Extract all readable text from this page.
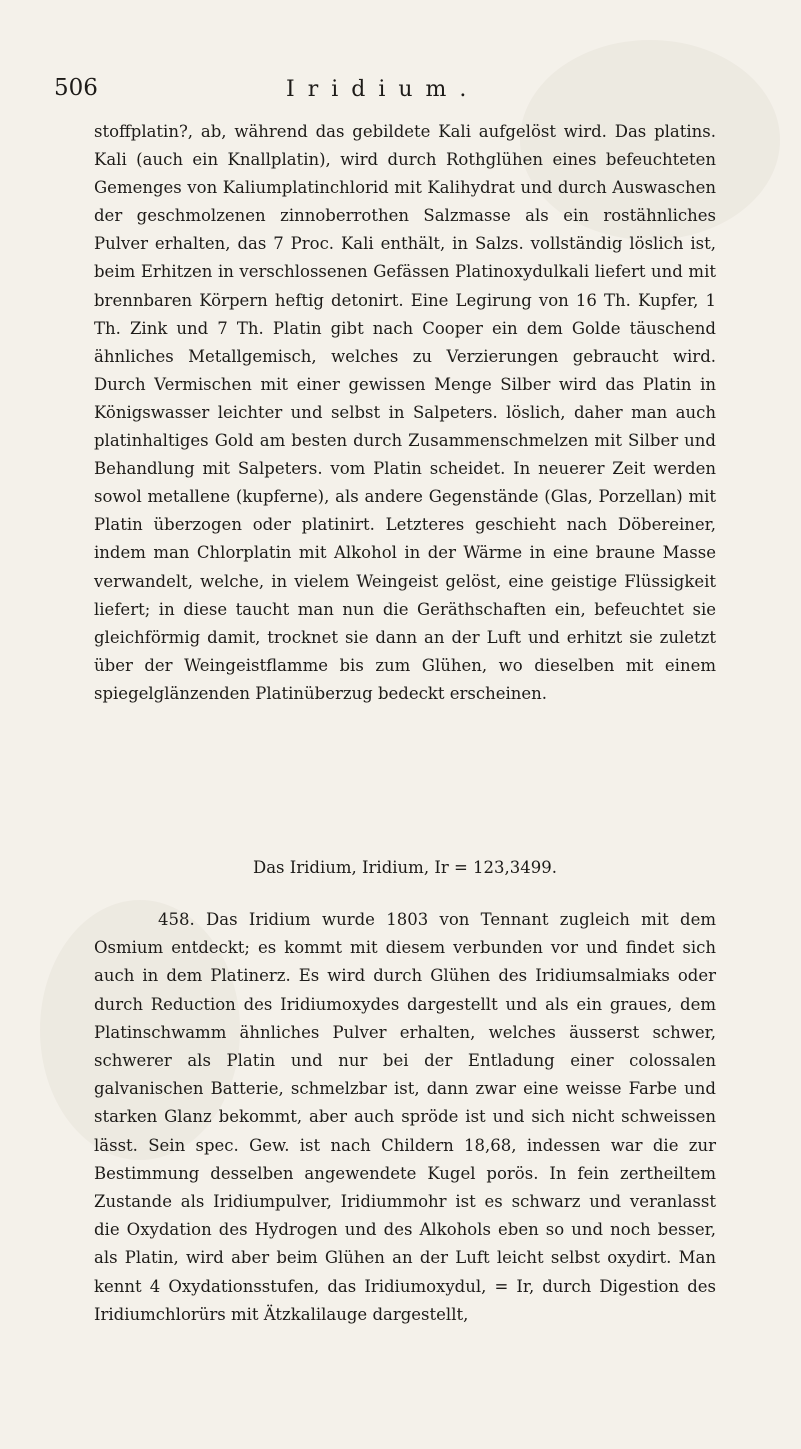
506	Iridium.

stoffplatin?, ab, während das gebildete Kali aufgelöst wird. Das platins. Kali (auch ein Knallplatin), wird durch Rothglühen eines befeuchteten Gemenges von Kaliumplatinchlorid mit Kalihydrat und durch Auswaschen der geschmolzenen zinnoberrothen Salzmasse als ein rostähnliches Pulver erhalten, das 7 Proc. Kali enthält, in Salzs. vollständig löslich ist, beim Erhitzen in verschlossenen Gefässen Platinoxydulkali liefert und mit brennbaren Körpern heftig detonirt. Eine Legirung von 16 Th. Kupfer, 1 Th. Zink und 7 Th. Platin gibt nach Cooper ein dem Golde täuschend ähnliches Metallgemisch, welches zu Verzierungen gebraucht wird. Durch Vermischen mit einer gewissen Menge Silber wird das Platin in Königswasser leichter und selbst in Salpeters. löslich, daher man auch platinhaltiges Gold am besten durch Zusammenschmelzen mit Silber und Behandlung mit Salpeters. vom Platin scheidet. In neuerer Zeit werden sowol metallene (kupferne), als andere Gegenstände (Glas, Porzellan) mit Platin überzogen oder platinirt. Letzteres geschieht nach Döbereiner, indem man Chlorplatin mit Alkohol in der Wärme in eine braune Masse verwandelt, welche, in vielem Weingeist gelöst, eine geistige Flüssigkeit liefert; in diese taucht man nun die Geräthschaften ein, befeuchtet sie gleichförmig damit, trocknet sie dann an der Luft und erhitzt sie zuletzt über der Weingeistflamme bis zum Glühen, wo dieselben mit einem spiegelglänzenden Platinüberzug bedeckt erscheinen.

Das Iridium, Iridium, Ir = 123,3499.

458. Das Iridium wurde 1803 von Tennant zugleich mit dem Osmium entdeckt; es kommt mit diesem verbunden vor und findet sich auch in dem Platinerz. Es wird durch Glühen des Iridiumsalmiaks oder durch Reduction des Iridiumoxydes dargestellt und als ein graues, dem Platinschwamm ähnliches Pulver erhalten, welches äusserst schwer, schwerer als Platin und nur bei der Entladung einer colossalen galvanischen Batterie, schmelzbar ist, dann zwar eine weisse Farbe und starken Glanz bekommt, aber auch spröde ist und sich nicht schweissen lässt. Sein spec. Gew. ist nach Childern 18,68, indessen war die zur Bestimmung desselben angewendete Kugel porös. In fein zertheiltem Zustande als Iridiumpulver, Iridiummohr ist es schwarz und veranlasst die Oxydation des Hydrogen und des Alkohols eben so und noch besser, als Platin, wird aber beim Glühen an der Luft leicht selbst oxydirt. Man kennt 4 Oxydationsstufen, das Iridiumoxydul, = Ir, durch Digestion des Iridiumchlorürs mit Ätzkalilauge dargestellt,
